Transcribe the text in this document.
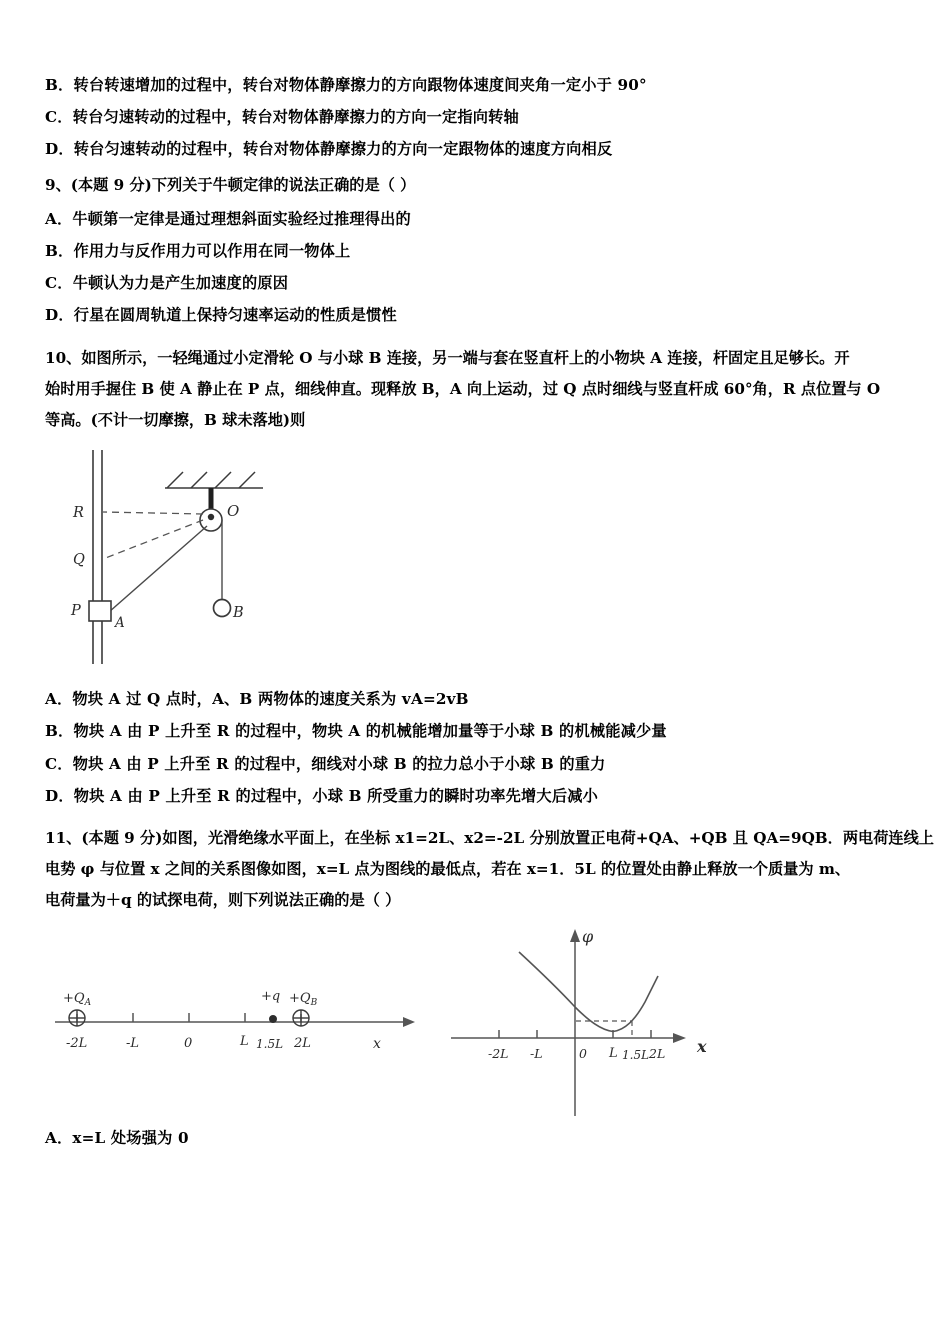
B．转台转速增加的过程中，转台对物体静摩擦力的方向跟物体速度间夹角一定小于 90°
C．转台匀速转动的过程中，转台对物体静摩擦力的方向一定指向转轴
D．转台匀速转动的过程中，转台对物体静摩擦力的方向一定跟物体的速度方向相反
9、(本题 9 分)下列关于牛顿定律的说法正确的是（ ）
A．牛顿第一定律是通过理想斜面实验经过推理得出的
B．作用力与反作用力可以作用在同一物体上
C．牛顿认为力是产生加速度的原因
D．行星在圆周轨道上保持匀速率运动的性质是惯性
10、如图所示，一轻绳通过小定滑轮 O 与小球 B 连接，另一端与套在竖直杆上的小物块 A 连接，杆固定且足够长。开
始时用手握住 B 使 A 静止在 P 点，细线伸直。现释放 B，A 向上运动，过 Q 点时细线与竖直杆成 60°角，R 点位置与 O
等高。(不计一切摩擦，B 球未落地)则
R
Q
P
A
O
B
A．物块 A 过 Q 点时，A、B 两物体的速度关系为 vA=2vB
B．物块 A 由 P 上升至 R 的过程中，物块 A 的机械能增加量等于小球 B 的机械能减少量
C．物块 A 由 P 上升至 R 的过程中，细线对小球 B 的拉力总小于小球 B 的重力
D．物块 A 由 P 上升至 R 的过程中，小球 B 所受重力的瞬时功率先增大后减小
11、(本题 9 分)如图，光滑绝缘水平面上，在坐标 x1=2L、x2=-2L 分别放置正电荷+QA、+QB 且 QA=9QB．两电荷连线上
电势 φ 与位置 x 之间的关系图像如图，x=L 点为图线的最低点，若在 x=1．5L 的位置处由静止释放一个质量为 m、
电荷量为＋q 的试探电荷，则下列说法正确的是（ ）
$+Q_A$	$+q +Q_B$
-2L	-L	0	L 1.5L 2L	x
φ
x
-2L -L	0 L 1.5L 2L
A．x=L 处场强为 0
